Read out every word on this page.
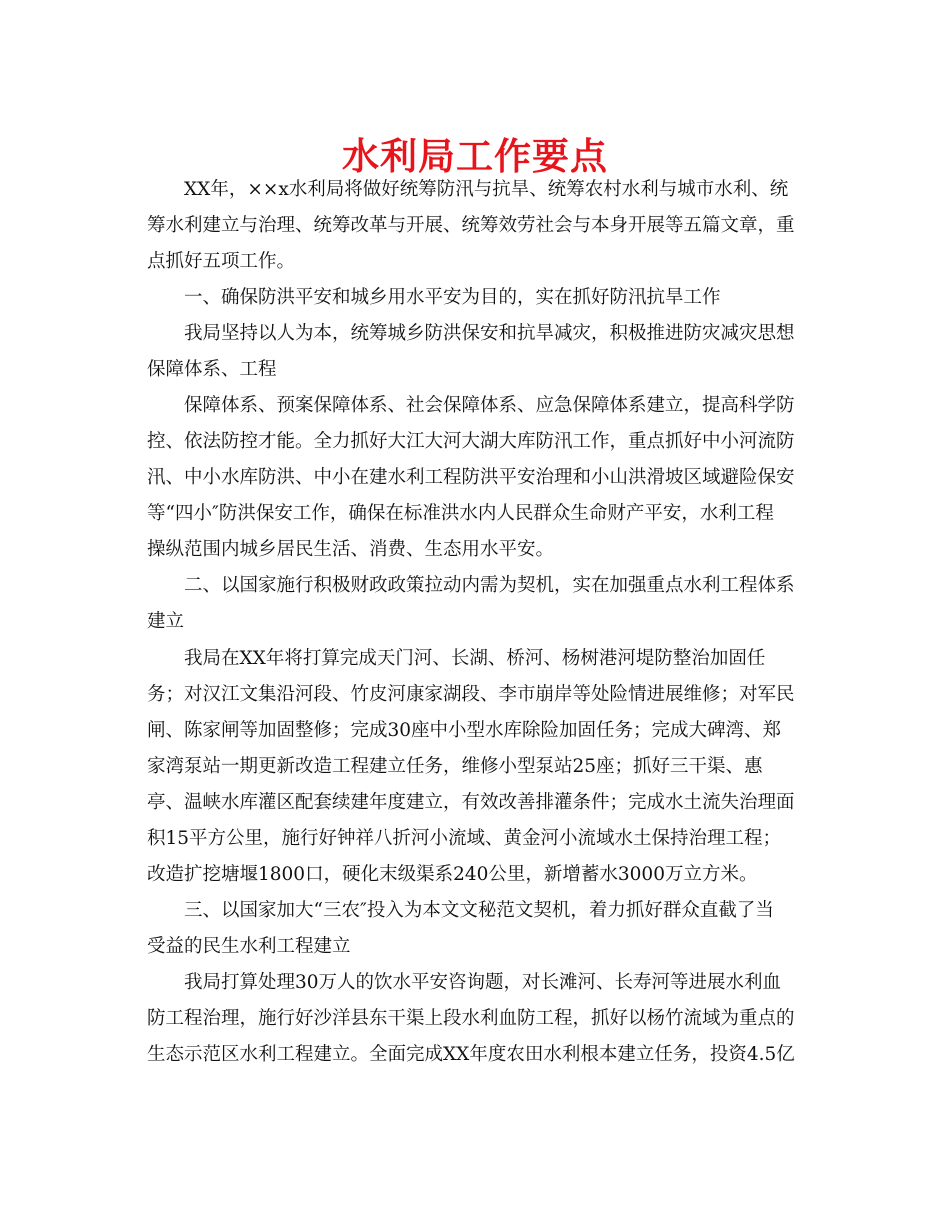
水利局工作要点

XX年，××x水利局将做好统筹防汛与抗旱、统筹农村水利与城市水利、统

筹水利建立与治理、统筹改革与开展、统筹效劳社会与本身开展等五篇文章，重

点抓好五项工作。

一、确保防洪平安和城乡用水平安为目的，实在抓好防汛抗旱工作

我局坚持以人为本，统筹城乡防洪保安和抗旱减灾，积极推进防灾减灾思想

保障体系、工程

保障体系、预案保障体系、社会保障体系、应急保障体系建立，提高科学防

控、依法防控才能。全力抓好大江大河大湖大库防汛工作，重点抓好中小河流防

汛、中小水库防洪、中小在建水利工程防洪平安治理和小山洪滑坡区域避险保安

等“四小″防洪保安工作，确保在标准洪水内人民群众生命财产平安，水利工程

操纵范围内城乡居民生活、消费、生态用水平安。

二、以国家施行积极财政政策拉动内需为契机，实在加强重点水利工程体系

建立

我局在XX年将打算完成天门河、长湖、桥河、杨树港河堤防整治加固任

务；对汉江文集沿河段、竹皮河康家湖段、李市崩岸等处险情进展维修；对军民

闸、陈家闸等加固整修；完成30座中小型水库除险加固任务；完成大碑湾、郑

家湾泵站一期更新改造工程建立任务，维修小型泵站25座；抓好三干渠、惠

亭、温峡水库灌区配套续建年度建立，有效改善排灌条件；完成水土流失治理面

积15平方公里，施行好钟祥八折河小流域、黄金河小流域水土保持治理工程；

改造扩挖塘堰1800口，硬化末级渠系240公里，新增蓄水3000万立方米。

三、以国家加大“三农″投入为本文文秘范文契机，着力抓好群众直截了当

受益的民生水利工程建立

我局打算处理30万人的饮水平安咨询题，对长滩河、长寿河等进展水利血

防工程治理，施行好沙洋县东干渠上段水利血防工程，抓好以杨竹流域为重点的

生态示范区水利工程建立。全面完成XX年度农田水利根本建立任务，投资4.5亿
